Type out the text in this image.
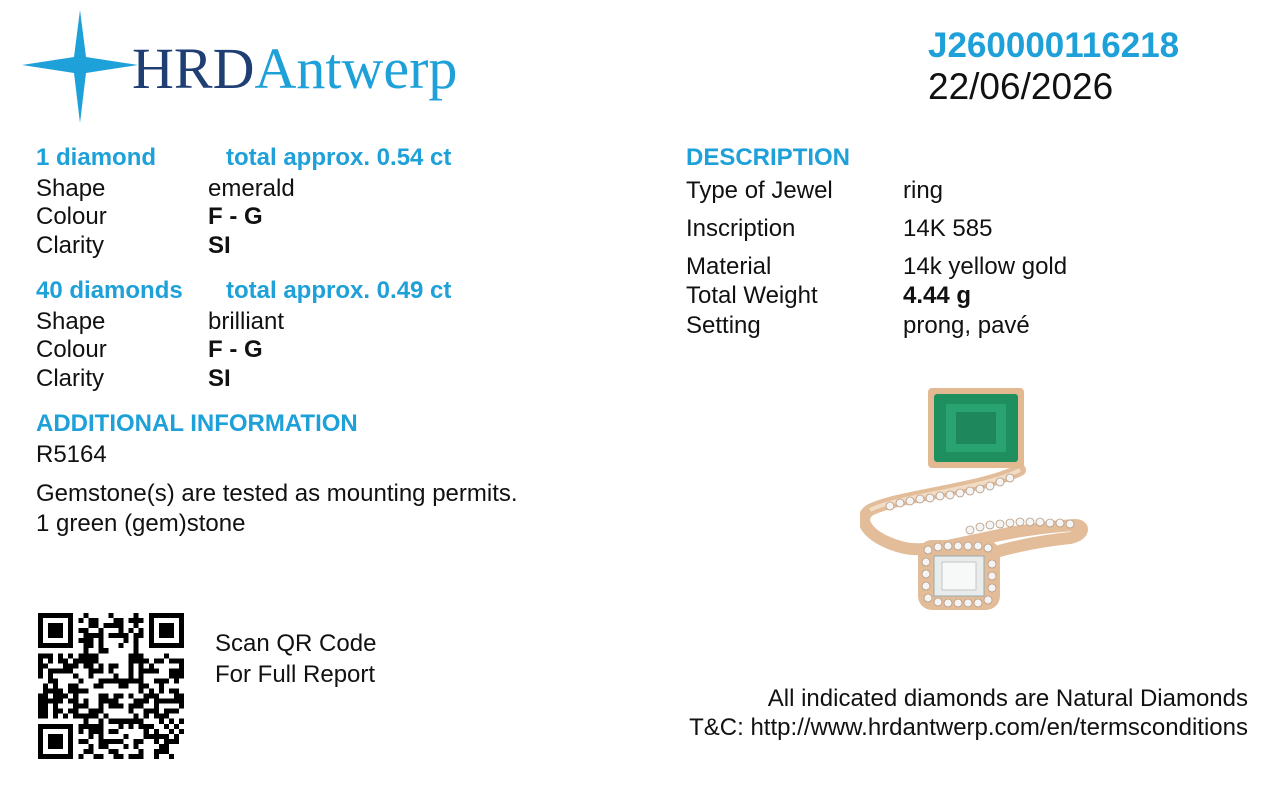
HRDAntwerp	J260000116218
22/06/2026
1 diamond	total approx. 0.54 ct
Shape	emerald
Colour	F - G
Clarity	SI
40 diamonds total approx. 0.49 ct
Shape	brilliant
Colour	F - G
Clarity	SI
ADDITIONAL INFORMATION
R5164
Gemstone(s) are tested as mounting permits.
1 green (gem)stone
DESCRIPTION
Type of Jewel	ring
Inscription	14K 585
Material	14k yellow gold
Total Weight	4.44 g
Setting	prong, pavé
Scan QR Code
For Full Report
All indicated diamonds are Natural Diamonds
T&C: http://www.hrdantwerp.com/en/termsconditions
